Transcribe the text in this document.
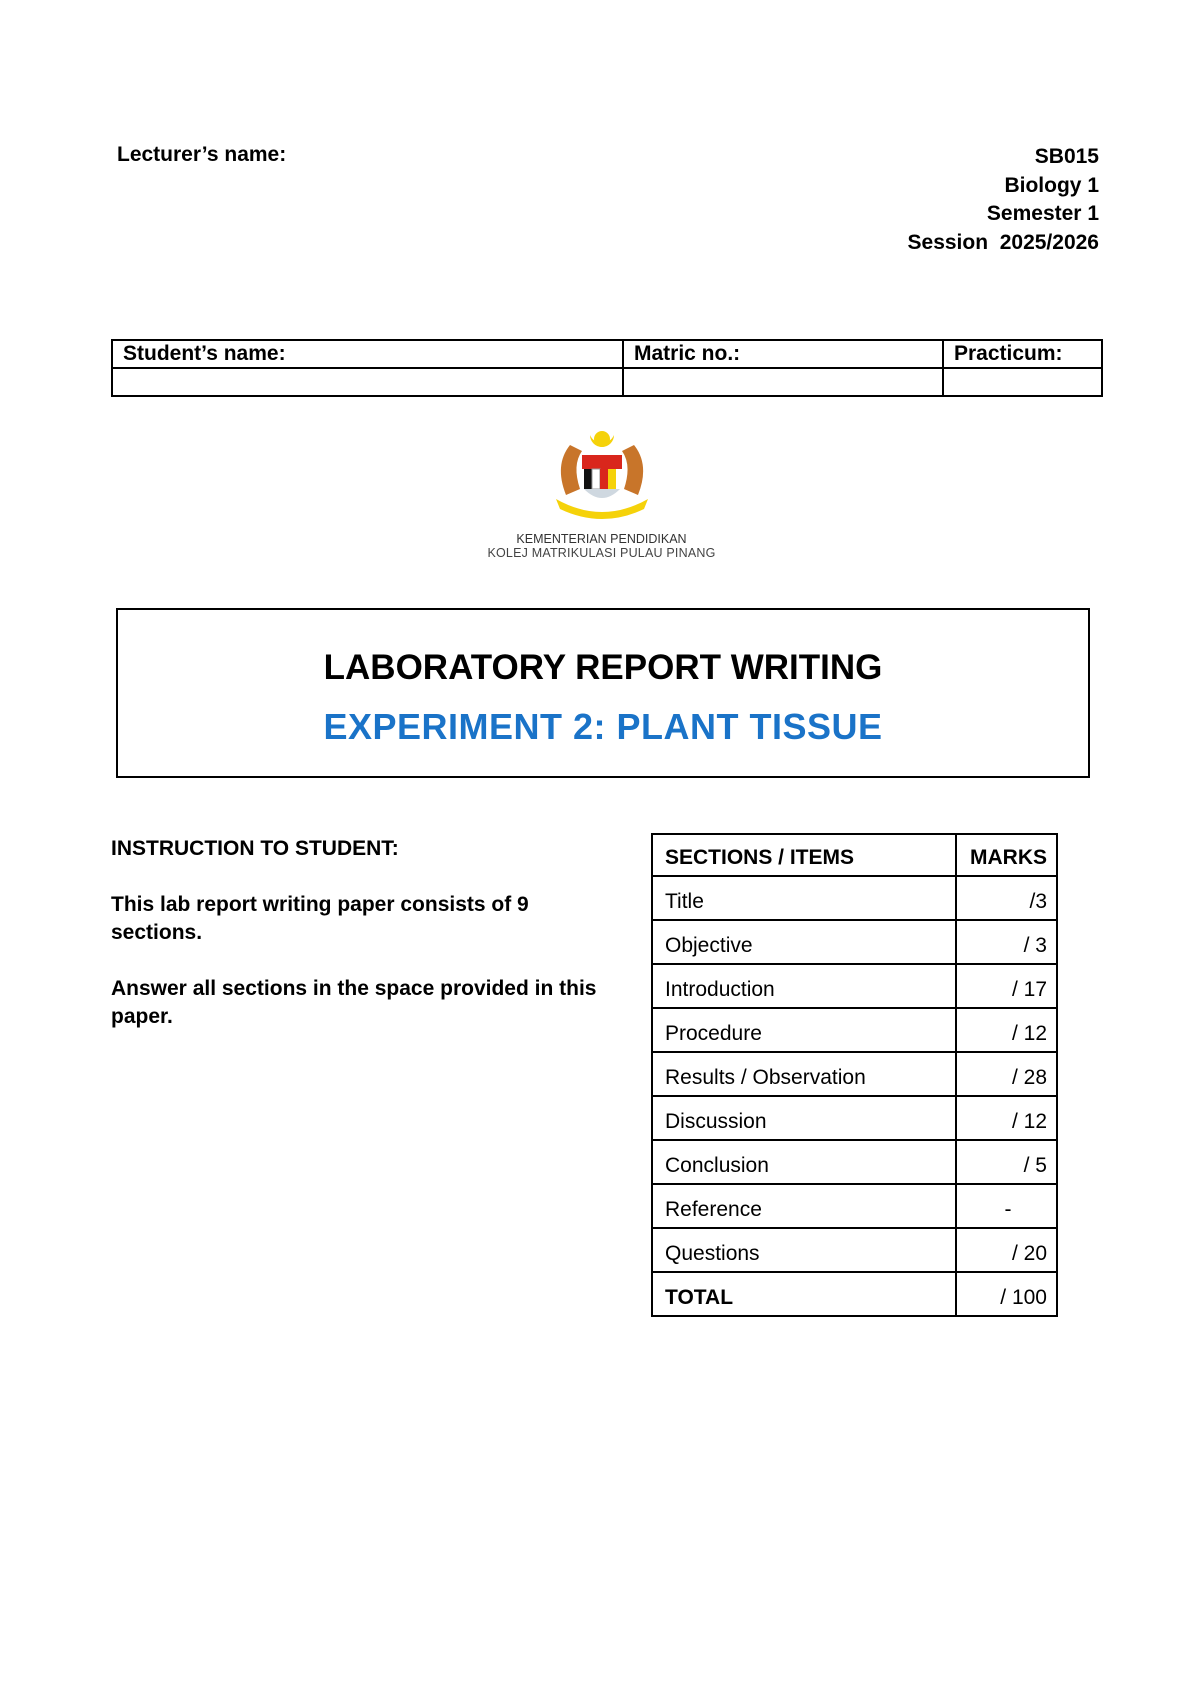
Lecturer’s name:	SB015
Biology 1
Semester 1
Session  2025/2026
Student’s name:	Matric no.:	Practicum:

KEMENTERIAN PENDIDIKAN
KOLEJ MATRIKULASI PULAU PINANG
LABORATORY REPORT WRITING
EXPERIMENT 2: PLANT TISSUE

INSTRUCTION TO STUDENT:

This lab report writing paper consists of 9 sections.

Answer all sections in the space provided in this paper.

SECTIONS / ITEMS	MARKS
Title	/3
Objective	/ 3
Introduction	/ 17
Procedure	/ 12
Results / Observation	/ 28
Discussion	/ 12
Conclusion	/ 5
Reference	-
Questions	/ 20
TOTAL	/ 100
